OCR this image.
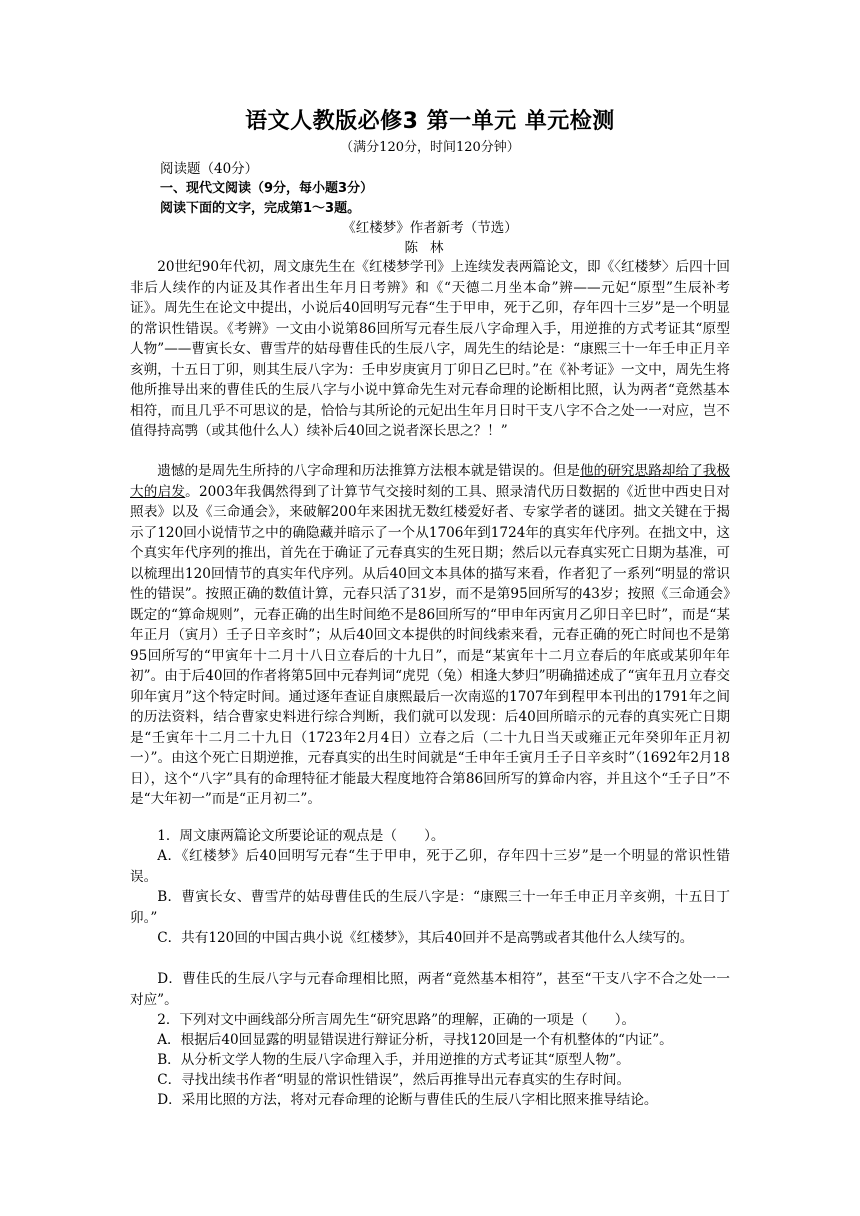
语文人教版必修3 第一单元 单元检测
（满分120分，时间120分钟）
阅读题（40分）
一、现代文阅读（9分，每小题3分）
阅读下面的文字，完成第1～3题。
《红楼梦》作者新考（节选）
陈林

20世纪90年代初，周文康先生在《红楼梦学刊》上连续发表两篇论文，即《〈红楼梦〉后四十回非后人续作的内证及其作者出生年月日考辨》和《“天德二月坐本命”辨——元妃“原型”生辰补考证》。周先生在论文中提出，小说后40回明写元春“生于甲申，死于乙卯，存年四十三岁”是一个明显的常识性错误。《考辨》一文由小说第86回所写元春生辰八字命理入手，用逆推的方式考证其“原型人物”——曹寅长女、曹雪芹的姑母曹佳氏的生辰八字，周先生的结论是：“康熙三十一年壬申正月辛亥朔，十五日丁卯，则其生辰八字为：壬申岁庚寅月丁卯日乙巳时。”在《补考证》一文中，周先生将他所推导出来的曹佳氏的生辰八字与小说中算命先生对元春命理的论断相比照，认为两者“竟然基本相符，而且几乎不可思议的是，恰恰与其所论的元妃出生年月日时干支八字不合之处一一对应，岂不值得持高鹗（或其他什么人）续补后40回之说者深长思之？！”

遗憾的是周先生所持的八字命理和历法推算方法根本就是错误的。但是他的研究思路却给了我极大的启发。2003年我偶然得到了计算节气交接时刻的工具、照录清代历日数据的《近世中西史日对照表》以及《三命通会》，来破解200年来困扰无数红楼爱好者、专家学者的谜团。拙文关键在于揭示了120回小说情节之中的确隐藏并暗示了一个从1706年到1724年的真实年代序列。在拙文中，这个真实年代序列的推出，首先在于确证了元春真实的生死日期；然后以元春真实死亡日期为基准，可以梳理出120回情节的真实年代序列。从后40回文本具体的描写来看，作者犯了一系列“明显的常识性的错误”。按照正确的数值计算，元春只活了31岁，而不是第95回所写的43岁；按照《三命通会》既定的“算命规则”，元春正确的出生时间绝不是86回所写的“甲申年丙寅月乙卯日辛巳时”，而是“某年正月（寅月）壬子日辛亥时”；从后40回文本提供的时间线索来看，元春正确的死亡时间也不是第95回所写的“甲寅年十二月十八日立春后的十九日”，而是“某寅年十二月立春后的年底或某卯年年初”。由于后40回的作者将第5回中元春判词“虎兕（兔）相逢大梦归”明确描述成了“寅年丑月立春交卯年寅月”这个特定时间。通过逐年查证自康熙最后一次南巡的1707年到程甲本刊出的1791年之间的历法资料，结合曹家史料进行综合判断，我们就可以发现：后40回所暗示的元春的真实死亡日期是“壬寅年十二月二十九日（1723年2月4日）立春之后（二十九日当天或雍正元年癸卯年正月初一）”。由这个死亡日期逆推，元春真实的出生时间就是“壬申年壬寅月壬子日辛亥时”（1692年2月18日），这个“八字”具有的命理特征才能最大程度地符合第86回所写的算命内容，并且这个“壬子日”不是“大年初一”而是“正月初二”。

1．周文康两篇论文所要论证的观点是（　　）。

A．《红楼梦》后40回明写元春“生于甲申，死于乙卯，存年四十三岁”是一个明显的常识性错误。

B．曹寅长女、曹雪芹的姑母曹佳氏的生辰八字是：“康熙三十一年壬申正月辛亥朔，十五日丁卯。”

C．共有120回的中国古典小说《红楼梦》，其后40回并不是高鹗或者其他什么人续写的。

D．曹佳氏的生辰八字与元春命理相比照，两者“竟然基本相符”，甚至“干支八字不合之处一一对应”。

2．下列对文中画线部分所言周先生“研究思路”的理解，正确的一项是（　　）。

A．根据后40回显露的明显错误进行辩证分析，寻找120回是一个有机整体的“内证”。

B．从分析文学人物的生辰八字命理入手，并用逆推的方式考证其“原型人物”。

C．寻找出续书作者“明显的常识性错误”，然后再推导出元春真实的生存时间。

D．采用比照的方法，将对元春命理的论断与曹佳氏的生辰八字相比照来推导结论。
